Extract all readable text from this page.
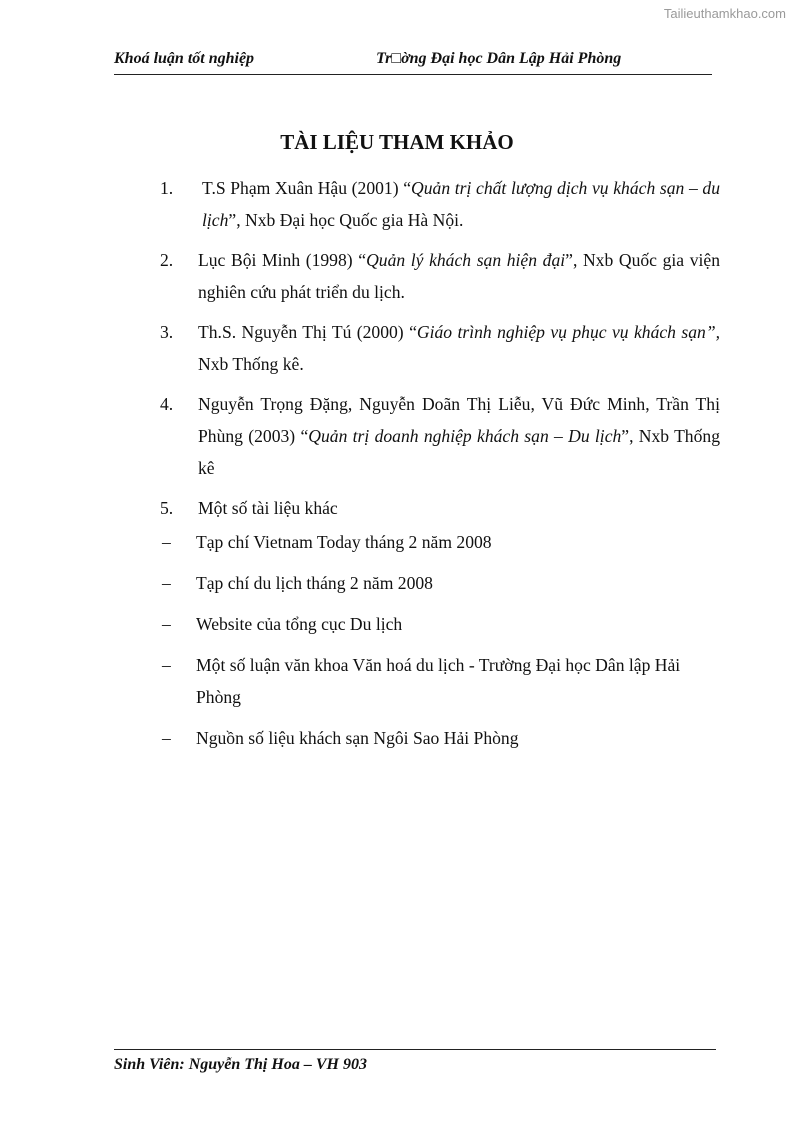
Tailieuthamkhao.com
Khoá luận tốt nghiệp	Tr□ờng Đại học Dân Lập Hải Phòng
TÀI LIỆU THAM KHẢO
1.	T.S Phạm Xuân Hậu (2001) “Quản trị chất lượng dịch vụ khách sạn – du lịch”, Nxb Đại học Quốc gia Hà Nội.
2.	Lục Bội Minh (1998) “Quản lý khách sạn hiện đại”, Nxb Quốc gia viện nghiên cứu phát triển du lịch.
3.	Th.S. Nguyễn Thị Tú (2000) “Giáo trình nghiệp vụ phục vụ khách sạn”, Nxb Thống kê.
4.	Nguyễn Trọng Đặng, Nguyễn Doãn Thị Liễu, Vũ Đức Minh, Trần Thị Phùng (2003) “Quản trị doanh nghiệp khách sạn – Du lịch”, Nxb Thống kê
5.	Một số tài liệu khác
–	Tạp chí Vietnam Today tháng 2 năm 2008
–	Tạp chí du lịch tháng 2 năm 2008
–	Website của tổng cục Du lịch
–	Một số luận văn khoa Văn hoá du lịch - Trường Đại học Dân lập Hải Phòng
–	Nguồn số liệu khách sạn Ngôi Sao Hải Phòng
Sinh Viên: Nguyễn Thị Hoa – VH 903
